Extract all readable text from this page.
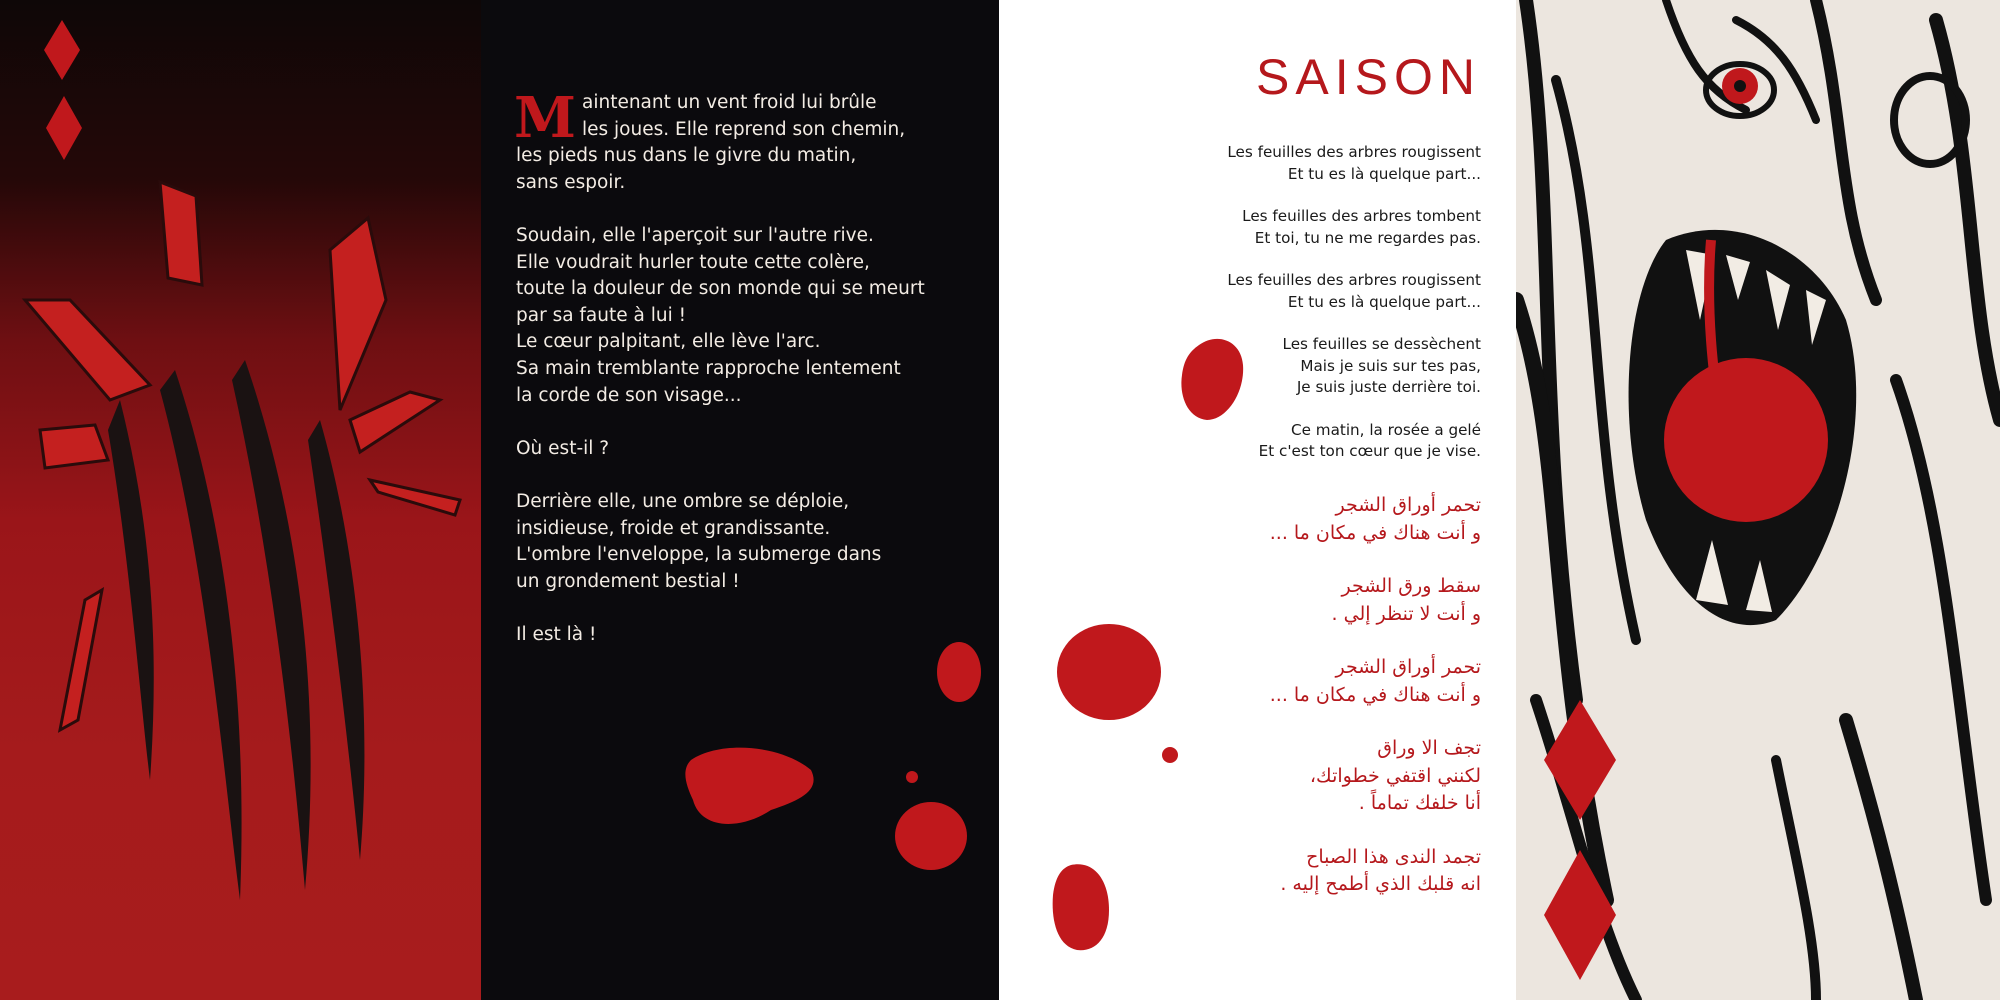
Maintenant un vent froid lui brûle
les joues. Elle reprend son chemin,
les pieds nus dans le givre du matin,
sans espoir.

Soudain, elle l'aperçoit sur l'autre rive.
Elle voudrait hurler toute cette colère,
toute la douleur de son monde qui se meurt
par sa faute à lui !
Le cœur palpitant, elle lève l'arc.
Sa main tremblante rapproche lentement
la corde de son visage...

Où est-il ?

Derrière elle, une ombre se déploie,
insidieuse, froide et grandissante.
L'ombre l'enveloppe, la submerge dans
un grondement bestial !

Il est là !

SAISON

Les feuilles des arbres rougissent
Et tu es là quelque part...

Les feuilles des arbres tombent
Et toi, tu ne me regardes pas.

Les feuilles des arbres rougissent
Et tu es là quelque part...

Les feuilles se dessèchent
Mais je suis sur tes pas,
Je suis juste derrière toi.

Ce matin, la rosée a gelé
Et c'est ton cœur que je vise.

تحمر أوراق الشجر
و أنت هناك في مكان ما ...

سقط ورق الشجر
و أنت لا تنظر إلي .

تحمر أوراق الشجر
و أنت هناك في مكان ما ...

تجف الا وراق
لكنني اقتفي خطواتك،
أنا خلفك تماماً .

تجمد الندى هذا الصباح
انه قلبك الذي أطمح إليه .
